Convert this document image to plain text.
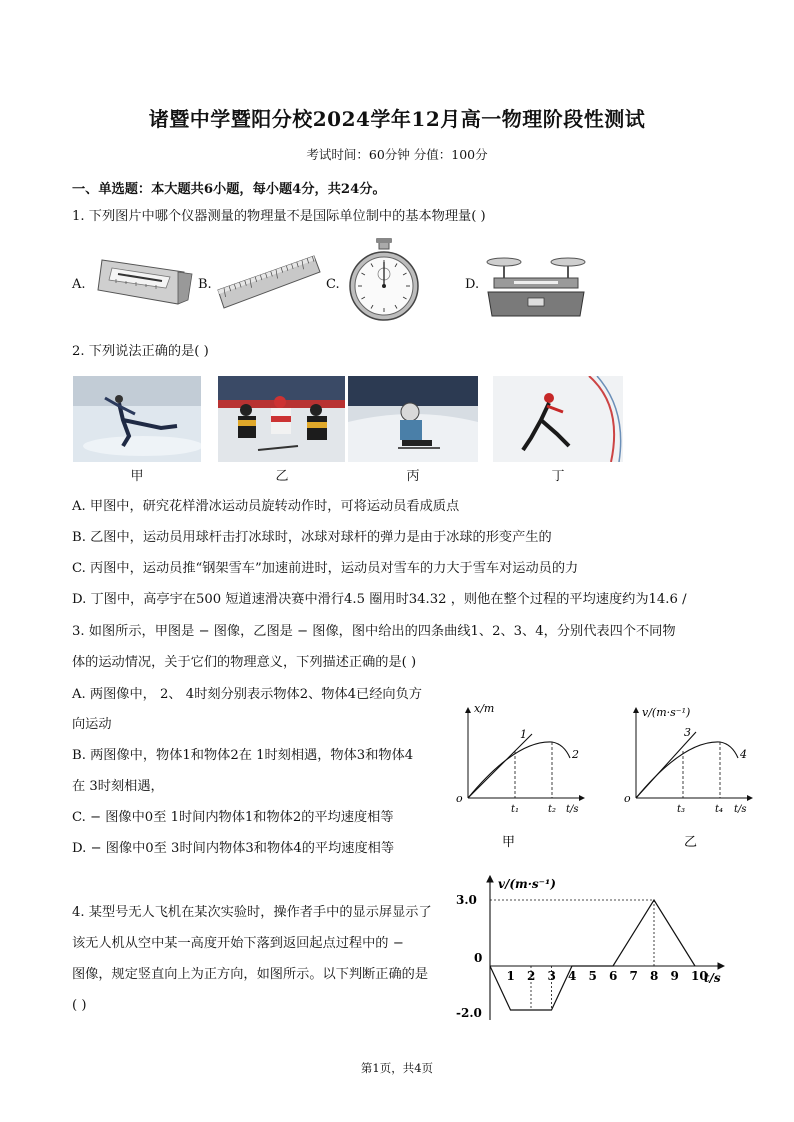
诸暨中学暨阳分校2024学年12月高一物理阶段性测试
考试时间：60分钟 分值：100分
一、单选题：本大题共6小题，每小题4分，共24分。
1. 下列图片中哪个仪器测量的物理量不是国际单位制中的基本物理量( )
A.	B.	C.	D.
2. 下列说法正确的是( )
甲	乙	丙	丁
A. 甲图中，研究花样滑冰运动员旋转动作时，可将运动员看成质点
B. 乙图中，运动员用球杆击打冰球时，冰球对球杆的弹力是由于冰球的形变产生的
C. 丙图中，运动员推“钢架雪车”加速前进时，运动员对雪车的力大于雪车对运动员的力
D. 丁图中，高亭宇在500 短道速滑决赛中滑行4.5 圈用时34.32 ，则他在整个过程的平均速度约为14.6 /
3. 如图所示，甲图是 − 图像，乙图是 − 图像，图中给出的四条曲线1、2、3、4，分别代表四个不同物
体的运动情况，关于它们的物理意义，下列描述正确的是( )
A. 两图像中， 2、 4时刻分别表示物体2、物体4已经向负方
向运动
B. 两图像中，物体1和物体2在 1时刻相遇，物体3和物体4
在 3时刻相遇，
C. − 图像中0至 1时间内物体1和物体2的平均速度相等
D. − 图像中0至 3时间内物体3和物体4的平均速度相等
x/m
o
t/s
t₁	t₂
1
2
甲
v/(m·s⁻¹)
o
t/s
t₃	t₄
3
4
乙
4. 某型号无人飞机在某次实验时，操作者手中的显示屏显示了
该无人机从空中某一高度开始下落到返回起点过程中的 −
图像，规定竖直向上为正方向，如图所示。以下判断正确的是
( )
v/(m·s⁻¹)
t/s
3.0
0
-2.0
1 2 3 4 5 6 7 8 9 10
第1页，共4页
